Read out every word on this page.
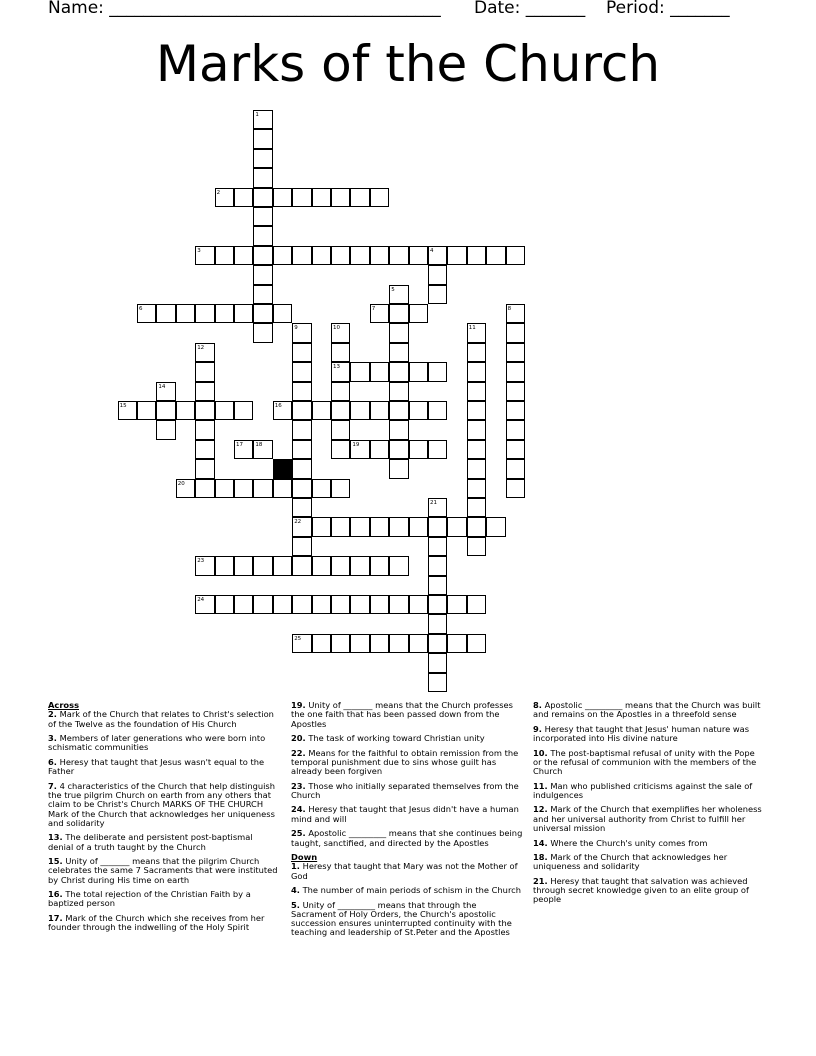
Name: _______________________________________

Date: _______

Period: _______

Marks of the Church
1
2
3	4
5
6	7	8
9
22
10
13
11
12
14
15	16
17 18	19
20
21
23
24
25
Across
2. Mark of the Church that relates to Christ's selection of the Twelve as the foundation of His Church
3. Members of later generations who were born into schismatic communities
6. Heresy that taught that Jesus wasn't equal to the Father
7. 4 characteristics of the Church that help distinguish the true pilgrim Church on earth from any others that claim to be Christ's Church MARKS OF THE CHURCH Mark of the Church that acknowledges her uniqueness and solidarity
13. The deliberate and persistent post-baptismal denial of a truth taught by the Church
15. Unity of _______ means that the pilgrim Church celebrates the same 7 Sacraments that were instituted by Christ during His time on earth
16. The total rejection of the Christian Faith by a baptized person
17. Mark of the Church which she receives from her founder through the indwelling of the Holy Spirit
19. Unity of _______ means that the Church professes the one faith that has been passed down from the Apostles
20. The task of working toward Christian unity
22. Means for the faithful to obtain remission from the temporal punishment due to sins whose guilt has already been forgiven
23. Those who initially separated themselves from the Church
24. Heresy that taught that Jesus didn't have a human mind and will
25. Apostolic _________ means that she continues being taught, sanctified, and directed by the Apostles
Down
1. Heresy that taught that Mary was not the Mother of God
4. The number of main periods of schism in the Church
5. Unity of _________ means that through the Sacrament of Holy Orders, the Church's apostolic succession ensures uninterrupted continuity with the teaching and leadership of St.Peter and the Apostles
8. Apostolic _________ means that the Church was built and remains on the Apostles in a threefold sense
9. Heresy that taught that Jesus' human nature was incorporated into His divine nature
10. The post-baptismal refusal of unity with the Pope or the refusal of communion with the members of the Church
11. Man who published criticisms against the sale of indulgences
12. Mark of the Church that exemplifies her wholeness and her universal authority from Christ to fulfill her universal mission
14. Where the Church's unity comes from
18. Mark of the Church that acknowledges her uniqueness and solidarity
21. Heresy that taught that salvation was achieved through secret knowledge given to an elite group of people
